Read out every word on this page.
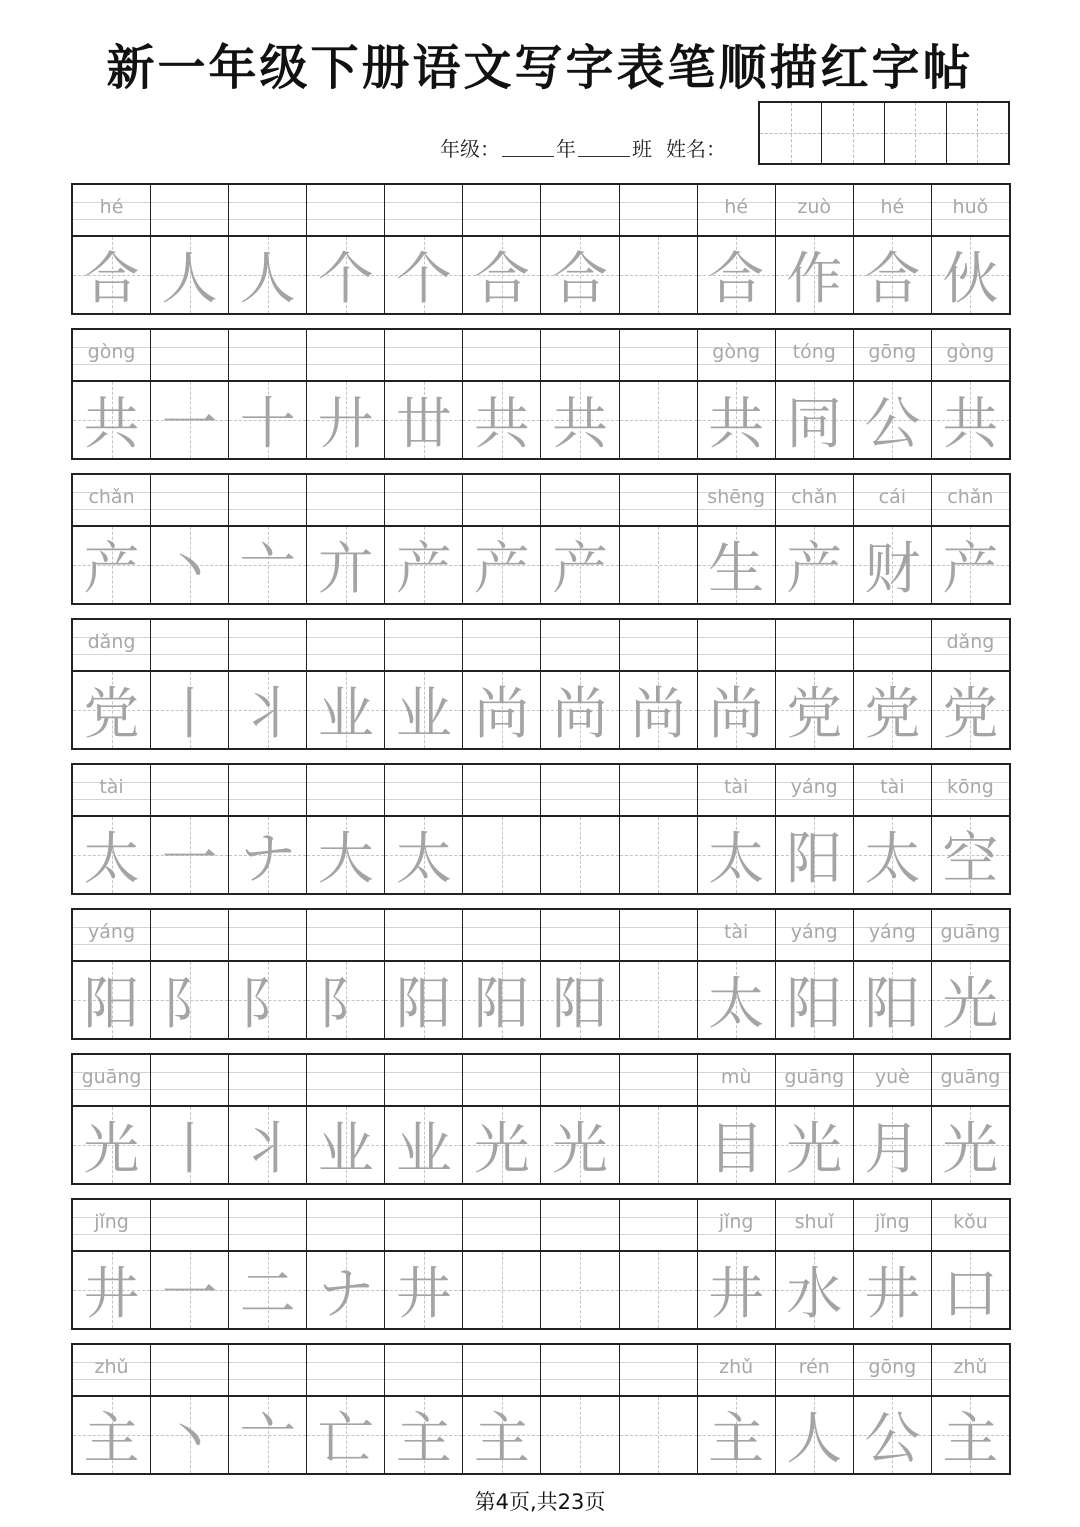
新一年级下册语文写字表笔顺描红字帖
年级：	年	班 姓名：
hé
合 人 人 个 个 合 合
hé
合
zuò
作
hé
合
huǒ
伙
gòng
共 一 十 廾 丗 共 共
gòng
共
tóng
同
gōng
公
gòng
共
chǎn
产 丶 亠 亣 产 产 产
shēng
生
chǎn
产
cái
财
chǎn
产
dǎng
党 丨 丬 业 业 尚 尚 尚 尚 党 党
dǎng
党
tài
太 一 ナ 大 太
tài
太
yáng
阳
tài
太
kōng
空
yáng
阳 阝 阝 阝 阳 阳 阳
tài
太
yáng
阳
yáng
阳
guāng
光
guāng
光 丨 丬 业 业 光 光
mù
目
guāng
光
yuè
月
guāng
光
jǐng
井 一 二 ナ 井
jǐng
井
shuǐ
水
jǐng
井
kǒu
口
zhǔ
主 丶 亠 亡 主 主
zhǔ
主
rén
人
gōng
公
zhǔ
主
第4页,共23页
